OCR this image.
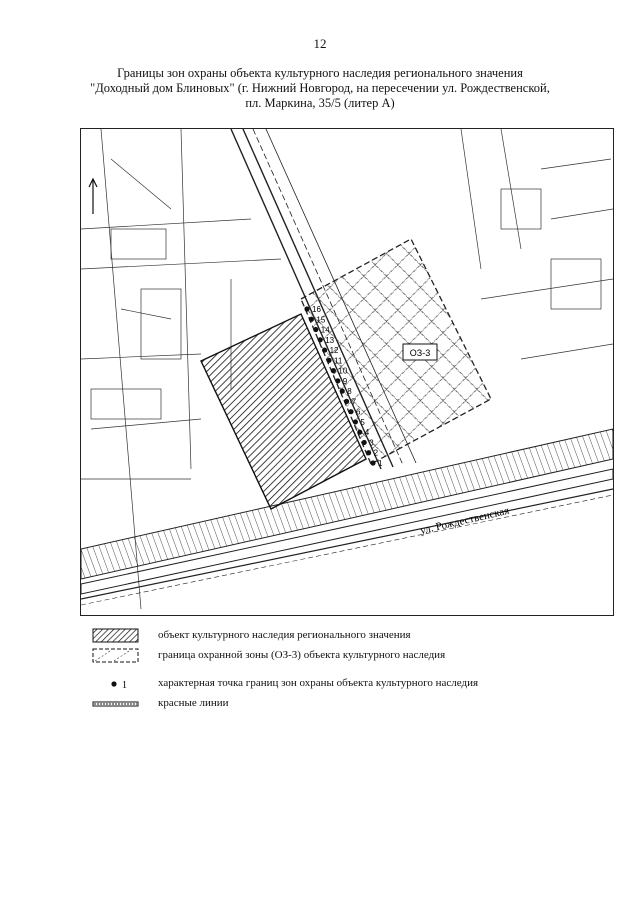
12
Границы зон охраны объекта культурного наследия регионального значения
"Доходный дом Блиновых" (г. Нижний Новгород, на пересечении ул. Рождественской,
пл. Маркина, 35/5 (литер А)
ОЗ-3
ул. Рождественская
1
2
3
4
5
6
7
8
9
10
11
12
13
14
15
16
объект культурного наследия регионального значения
граница охранной зоны (ОЗ-3) объекта культурного наследия
1	характерная точка границ зон охраны объекта культурного наследия
красные линии
